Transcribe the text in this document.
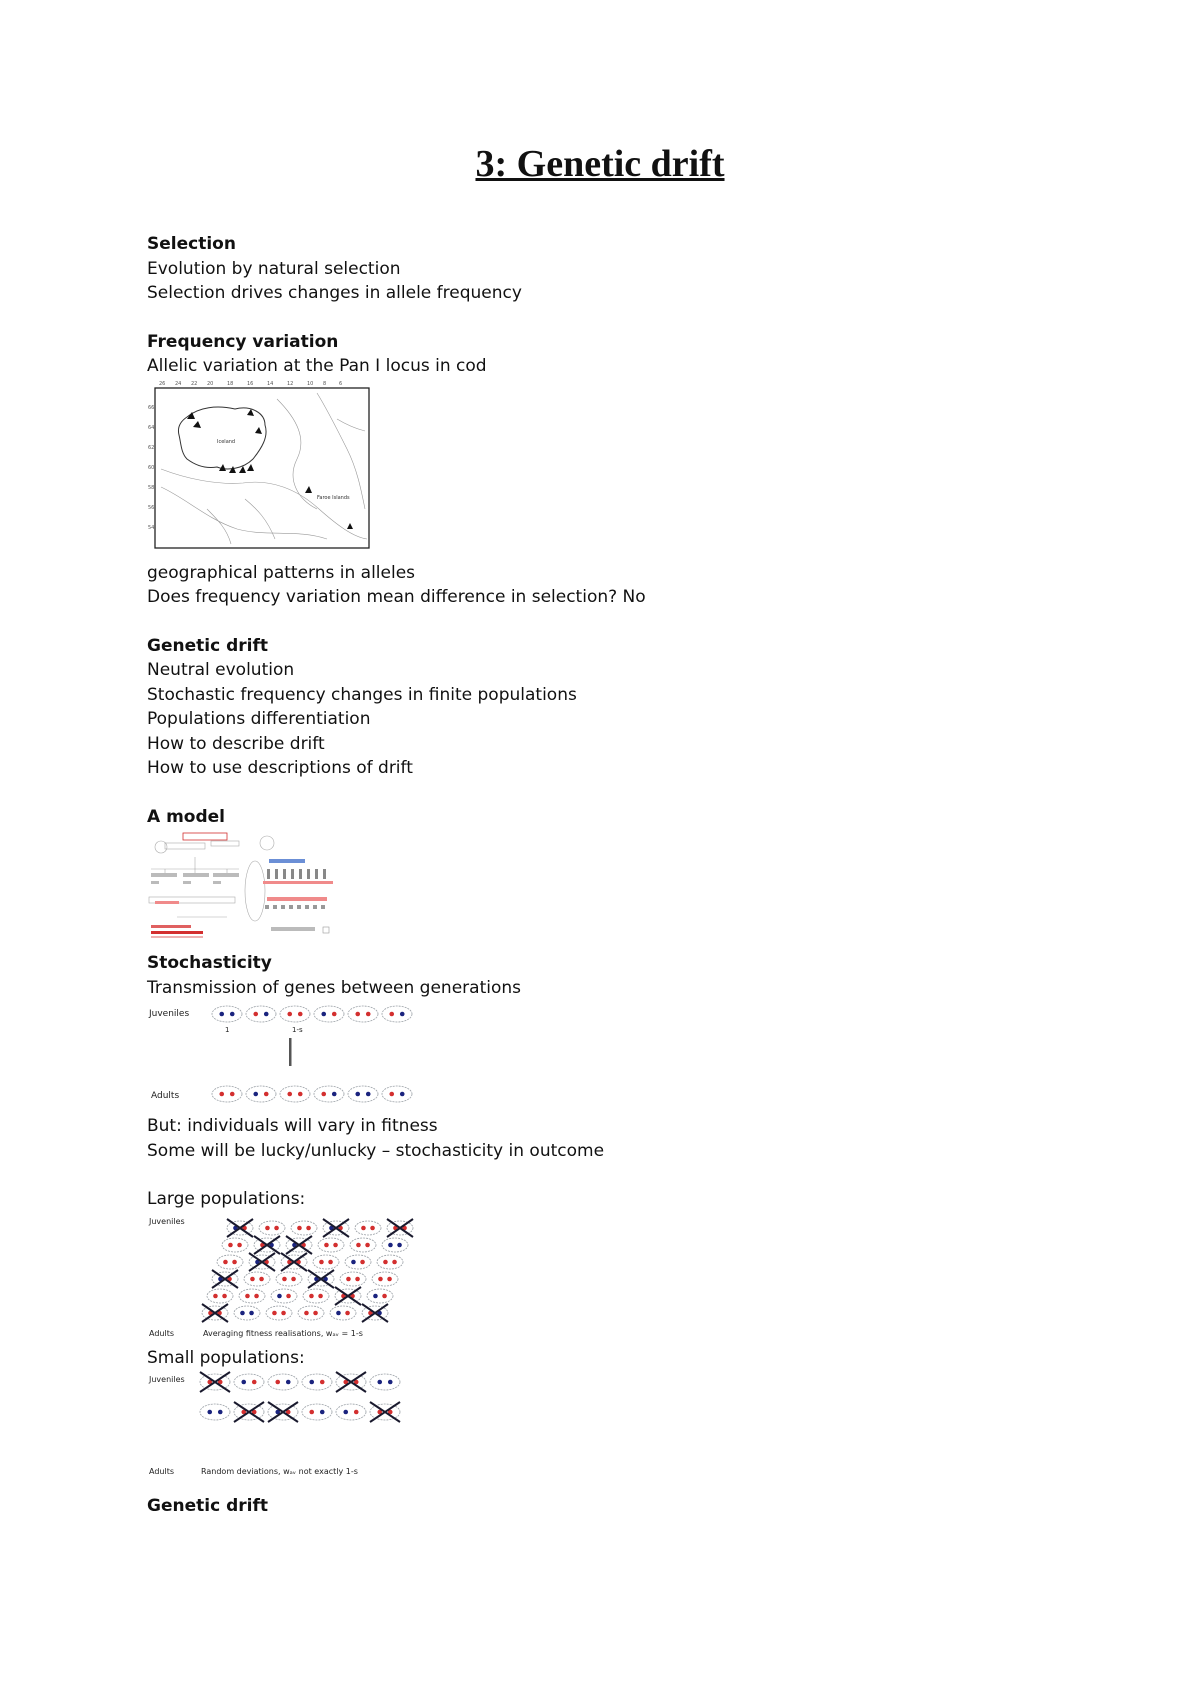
3: Genetic drift
Selection
Evolution by natural selection
Selection drives changes in allele frequency
Frequency variation
Allelic variation at the Pan I locus in cod
26 24 22 20	18	16	14	12	10 8	6
66
64
62
60
58
56
54
Iceland
Faroe Islands
geographical patterns in alleles
Does frequency variation mean difference in selection? No
Genetic drift
Neutral evolution
Stochastic frequency changes in finite populations
Populations differentiation
How to describe drift
How to use descriptions of drift
A model
Stochasticity
Transmission of genes between generations
Juveniles
Adults
1	1-s
But: individuals will vary in fitness
Some will be lucky/unlucky – stochasticity in outcome
Large populations:
Juveniles
Adults	Averaging fitness realisations, wₐᵥ = 1-s
Small populations:
Juveniles
Adults	Random deviations, wₐᵥ not exactly 1-s
Genetic drift
